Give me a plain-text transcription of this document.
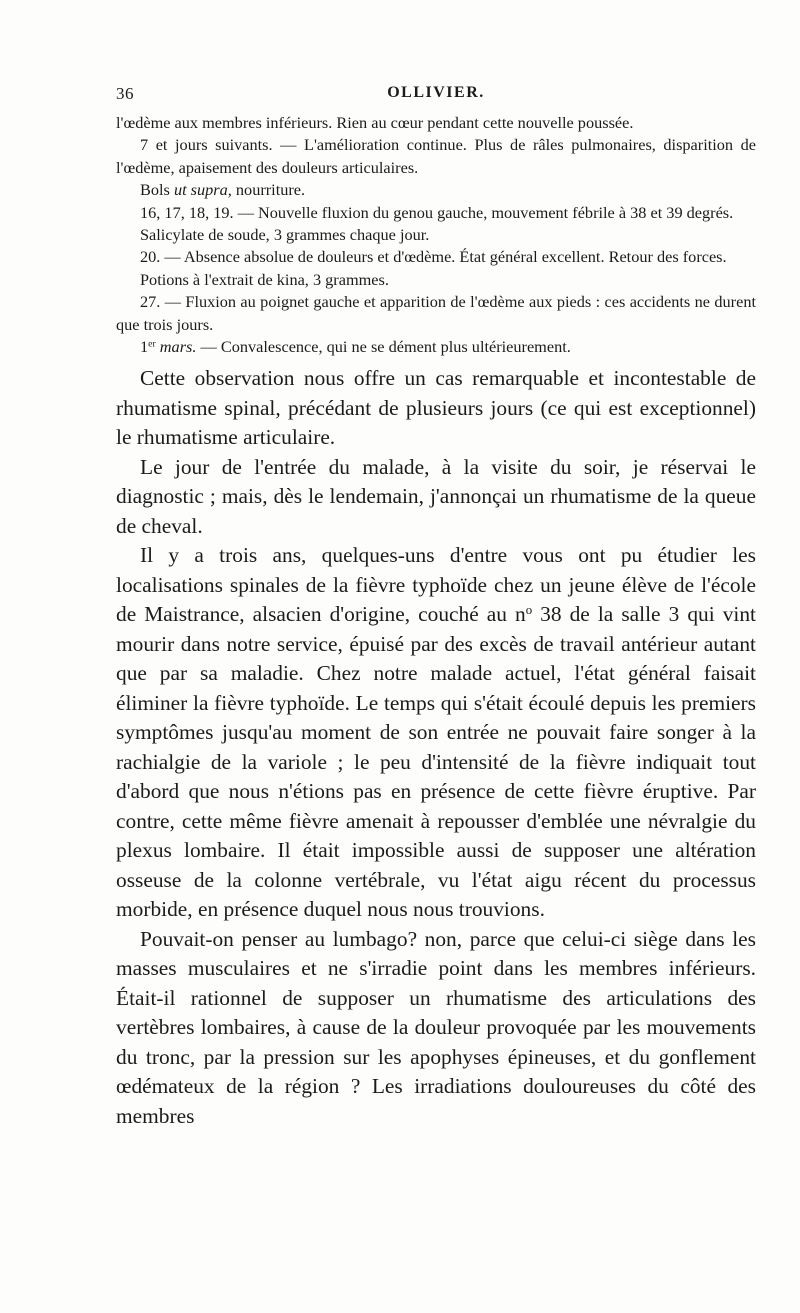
36	OLLIVIER.

l'œdème aux membres inférieurs. Rien au cœur pendant cette nouvelle poussée.

7 et jours suivants. — L'amélioration continue. Plus de râles pulmonaires, disparition de l'œdème, apaisement des douleurs articulaires.

Bols ut supra, nourriture.

16, 17, 18, 19. — Nouvelle fluxion du genou gauche, mouvement fébrile à 38 et 39 degrés.

Salicylate de soude, 3 grammes chaque jour.

20. — Absence absolue de douleurs et d'œdème. État général excellent. Retour des forces.

Potions à l'extrait de kina, 3 grammes.

27. — Fluxion au poignet gauche et apparition de l'œdème aux pieds : ces accidents ne durent que trois jours.

1er mars. — Convalescence, qui ne se dément plus ultérieurement.

Cette observation nous offre un cas remarquable et incontestable de rhumatisme spinal, précédant de plusieurs jours (ce qui est exceptionnel) le rhumatisme articulaire.

Le jour de l'entrée du malade, à la visite du soir, je réservai le diagnostic ; mais, dès le lendemain, j'annonçai un rhumatisme de la queue de cheval.

Il y a trois ans, quelques-uns d'entre vous ont pu étudier les localisations spinales de la fièvre typhoïde chez un jeune élève de l'école de Maistrance, alsacien d'origine, couché au $n^o$ 38 de la salle 3 qui vint mourir dans notre service, épuisé par des excès de travail antérieur autant que par sa maladie. Chez notre malade actuel, l'état général faisait éliminer la fièvre typhoïde. Le temps qui s'était écoulé depuis les premiers symptômes jusqu'au moment de son entrée ne pouvait faire songer à la rachialgie de la variole ; le peu d'intensité de la fièvre indiquait tout d'abord que nous n'étions pas en présence de cette fièvre éruptive. Par contre, cette même fièvre amenait à repousser d'emblée une névralgie du plexus lombaire. Il était impossible aussi de supposer une altération osseuse de la colonne vertébrale, vu l'état aigu récent du processus morbide, en présence duquel nous nous trouvions.

Pouvait-on penser au lumbago? non, parce que celui-ci siège dans les masses musculaires et ne s'irradie point dans les membres inférieurs. Était-il rationnel de supposer un rhumatisme des articulations des vertèbres lombaires, à cause de la douleur provoquée par les mouvements du tronc, par la pression sur les apophyses épineuses, et du gonflement œdémateux de la région ? Les irradiations douloureuses du côté des membres
